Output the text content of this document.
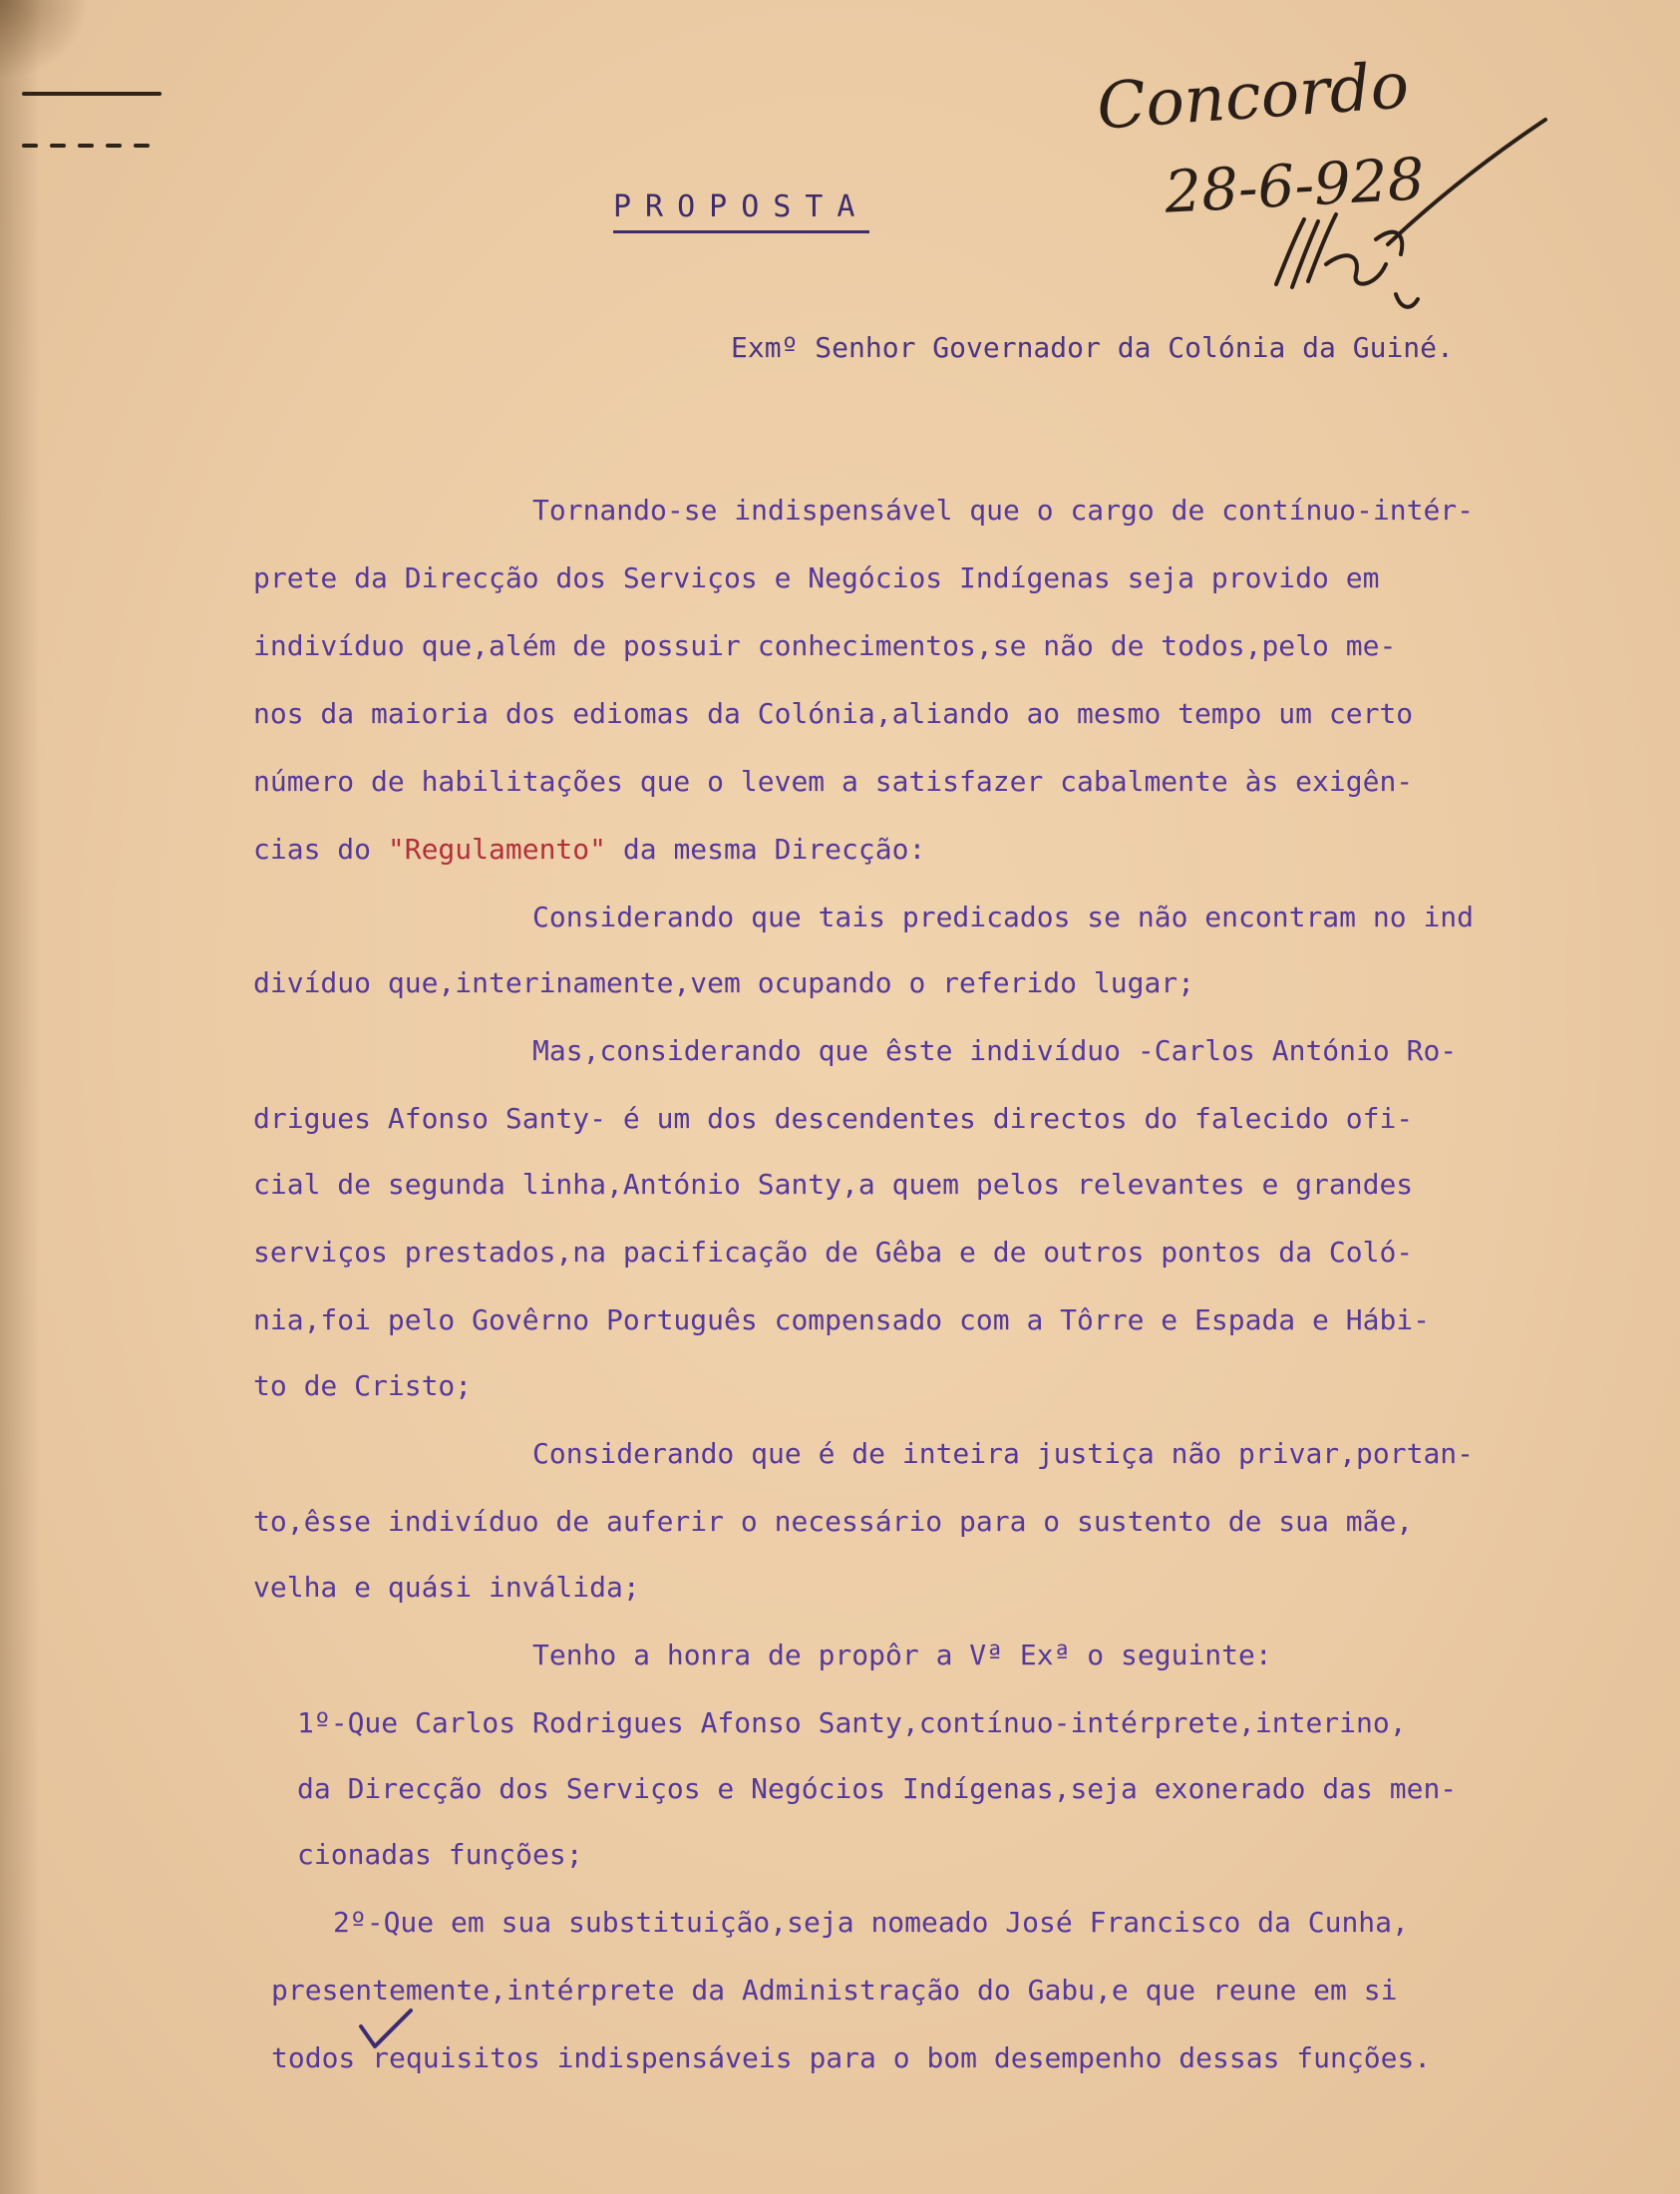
Concordo
28-6-928
PROPOSTA
Exmº Senhor Governador da Colónia da Guiné.
Tornando-se indispensável que o cargo de contínuo-intér-
prete da Direcção dos Serviços e Negócios Indígenas seja provido em
indivíduo que,além de possuir conhecimentos,se não de todos,pelo me-
nos da maioria dos ediomas da Colónia,aliando ao mesmo tempo um certo
número de habilitações que o levem a satisfazer cabalmente às exigên-
cias do "Regulamento" da mesma Direcção:
Considerando que tais predicados se não encontram no ind
divíduo que,interinamente,vem ocupando o referido lugar;
Mas,considerando que êste indivíduo -Carlos António Ro-
drigues Afonso Santy- é um dos descendentes directos do falecido ofi-
cial de segunda linha,António Santy,a quem pelos relevantes e grandes
serviços prestados,na pacificação de Gêba e de outros pontos da Coló-
nia,foi pelo Govêrno Português compensado com a Tôrre e Espada e Hábi-
to de Cristo;
Considerando que é de inteira justiça não privar,portan-
to,êsse indivíduo de auferir o necessário para o sustento de sua mãe,
velha e quási inválida;
Tenho a honra de propôr a Vª Exª o seguinte:
1º-Que Carlos Rodrigues Afonso Santy,contínuo-intérprete,interino,
da Direcção dos Serviços e Negócios Indígenas,seja exonerado das men-
cionadas funções;
2º-Que em sua substituição,seja nomeado José Francisco da Cunha,
presentemente,intérprete da Administração do Gabu,e que reune em si
todos requisitos indispensáveis para o bom desempenho dessas funções.
